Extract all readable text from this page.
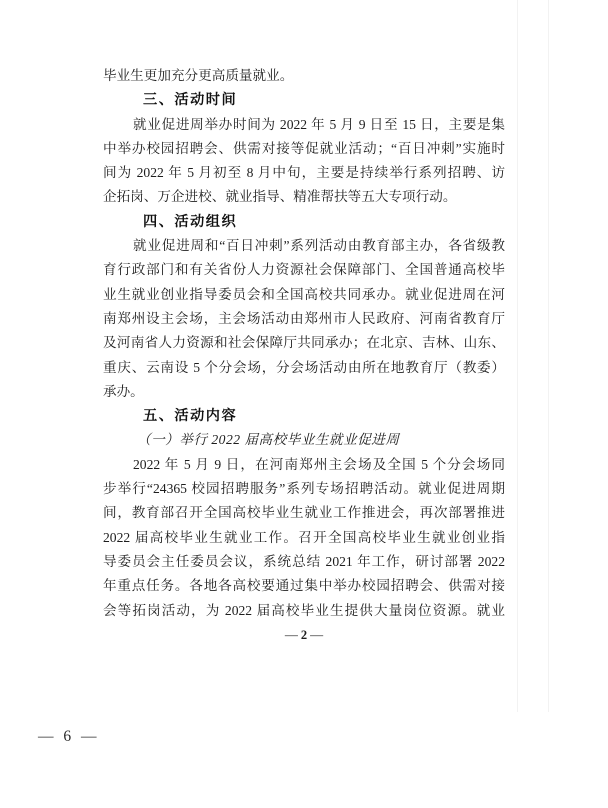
毕业生更加充分更高质量就业。
三、活动时间
就业促进周举办时间为 2022 年 5 月 9 日至 15 日，主要是集
中举办校园招聘会、供需对接等促就业活动；“百日冲刺”实施时
间为 2022 年 5 月初至 8 月中旬，主要是持续举行系列招聘、访
企拓岗、万企进校、就业指导、精准帮扶等五大专项行动。
四、活动组织
就业促进周和“百日冲刺”系列活动由教育部主办，各省级教
育行政部门和有关省份人力资源社会保障部门、全国普通高校毕
业生就业创业指导委员会和全国高校共同承办。就业促进周在河
南郑州设主会场，主会场活动由郑州市人民政府、河南省教育厅
及河南省人力资源和社会保障厅共同承办；在北京、吉林、山东、
重庆、云南设 5 个分会场，分会场活动由所在地教育厅（教委）
承办。
五、活动内容
（一）举行 2022 届高校毕业生就业促进周
2022 年 5 月 9 日，在河南郑州主会场及全国 5 个分会场同
步举行“24365 校园招聘服务”系列专场招聘活动。就业促进周期
间，教育部召开全国高校毕业生就业工作推进会，再次部署推进
2022 届高校毕业生就业工作。召开全国高校毕业生就业创业指
导委员会主任委员会议，系统总结 2021 年工作，研讨部署 2022
年重点任务。各地各高校要通过集中举办校园招聘会、供需对接
会等拓岗活动，为 2022 届高校毕业生提供大量岗位资源。就业
— 2 —
— 6 —
